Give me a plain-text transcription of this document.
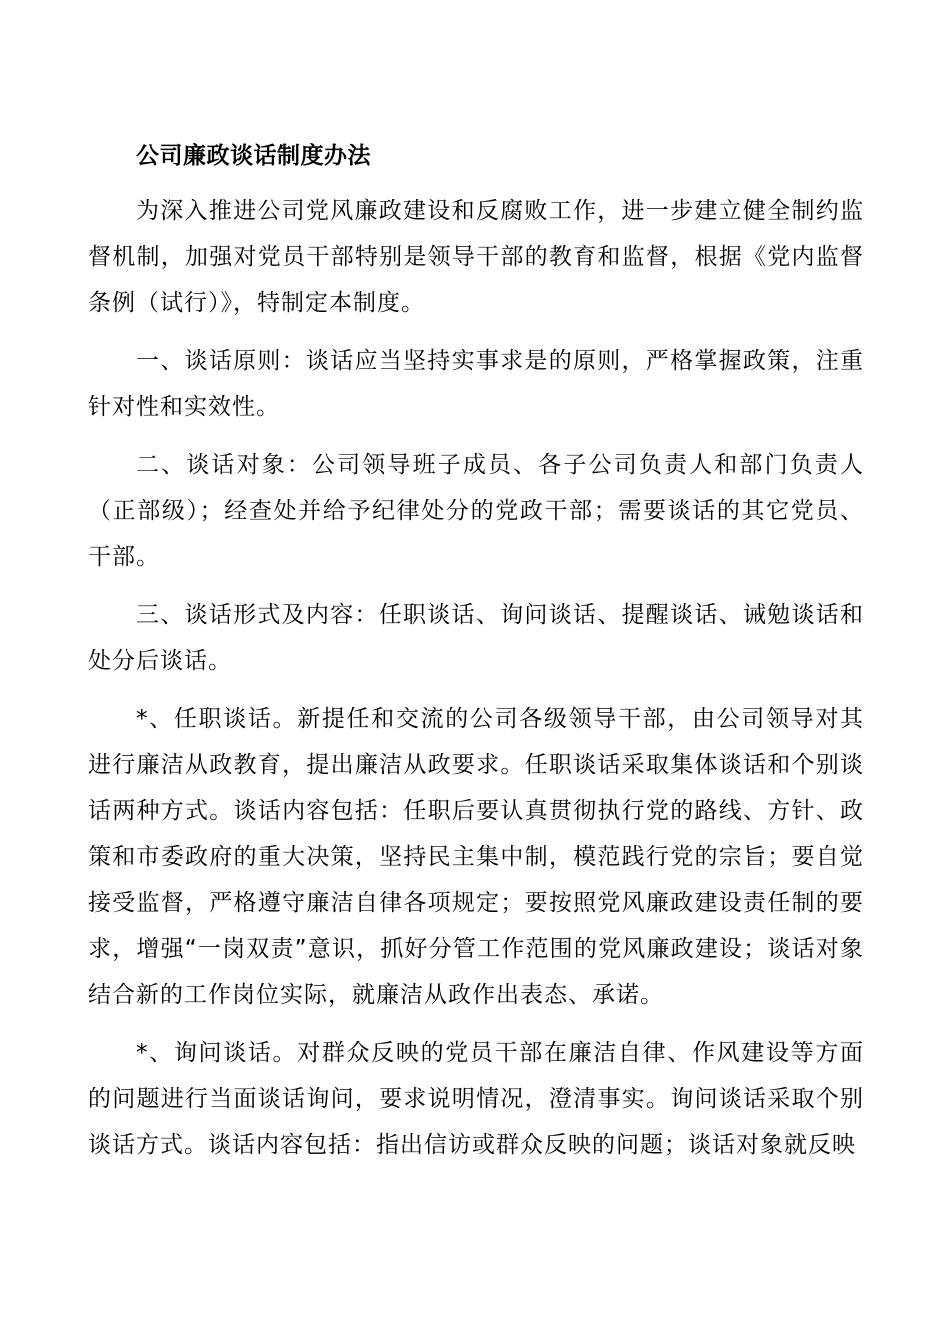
公司廉政谈话制度办法

为深入推进公司党风廉政建设和反腐败工作，进一步建立健全制约监督机制，加强对党员干部特别是领导干部的教育和监督，根据《党内监督条例（试行）》，特制定本制度。

一、谈话原则：谈话应当坚持实事求是的原则，严格掌握政策，注重针对性和实效性。

二、谈话对象：公司领导班子成员、各子公司负责人和部门负责人（正部级）；经查处并给予纪律处分的党政干部；需要谈话的其它党员、干部。

三、谈话形式及内容：任职谈话、询问谈话、提醒谈话、诫勉谈话和处分后谈话。

*、任职谈话。新提任和交流的公司各级领导干部，由公司领导对其进行廉洁从政教育，提出廉洁从政要求。任职谈话采取集体谈话和个别谈话两种方式。谈话内容包括：任职后要认真贯彻执行党的路线、方针、政策和市委政府的重大决策，坚持民主集中制，模范践行党的宗旨；要自觉接受监督，严格遵守廉洁自律各项规定；要按照党风廉政建设责任制的要求，增强“一岗双责”意识，抓好分管工作范围的党风廉政建设；谈话对象结合新的工作岗位实际，就廉洁从政作出表态、承诺。

*、询问谈话。对群众反映的党员干部在廉洁自律、作风建设等方面的问题进行当面谈话询问，要求说明情况，澄清事实。询问谈话采取个别谈话方式。谈话内容包括：指出信访或群众反映的问题；谈话对象就反映
